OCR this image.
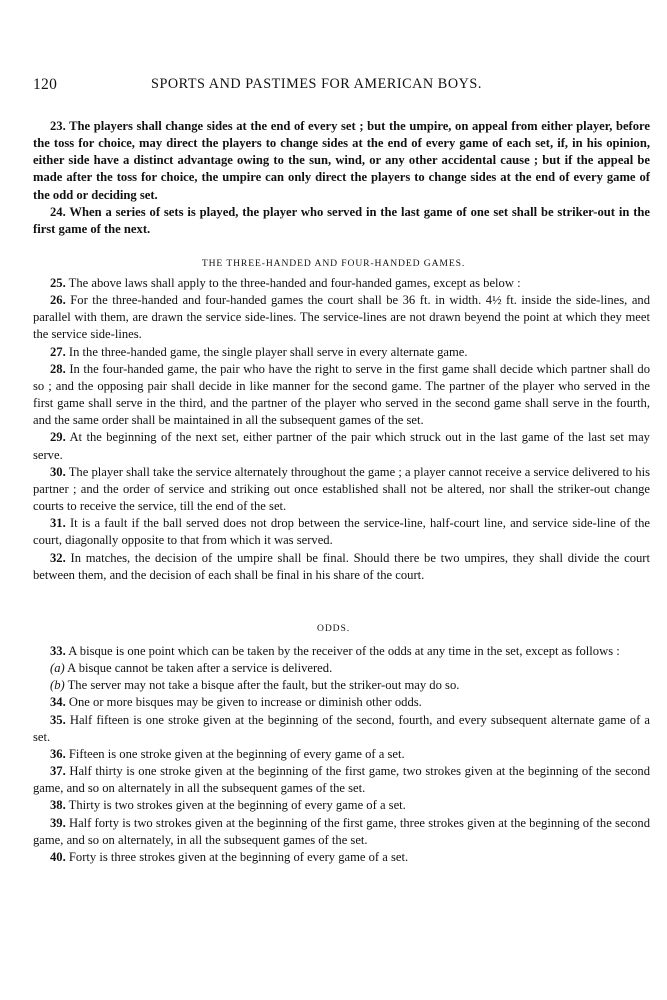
120	SPORTS AND PASTIMES FOR AMERICAN BOYS.

23. The players shall change sides at the end of every set ; but the umpire, on appeal from either player, before the toss for choice, may direct the players to change sides at the end of every game of each set, if, in his opinion, either side have a distinct advantage owing to the sun, wind, or any other accidental cause ; but if the appeal be made after the toss for choice, the umpire can only direct the players to change sides at the end of every game of the odd or deciding set.

24. When a series of sets is played, the player who served in the last game of one set shall be striker-out in the first game of the next.

THE THREE-HANDED AND FOUR-HANDED GAMES.

25. The above laws shall apply to the three-handed and four-handed games, except as below :

26. For the three-handed and four-handed games the court shall be 36 ft. in width. 4½ ft. inside the side-lines, and parallel with them, are drawn the service side-lines. The service-lines are not drawn beyend the point at which they meet the service side-lines.

27. In the three-handed game, the single player shall serve in every alternate game.

28. In the four-handed game, the pair who have the right to serve in the first game shall decide which partner shall do so ; and the opposing pair shall decide in like manner for the second game. The partner of the player who served in the first game shall serve in the third, and the partner of the player who served in the second game shall serve in the fourth, and the same order shall be maintained in all the subsequent games of the set.

29. At the beginning of the next set, either partner of the pair which struck out in the last game of the last set may serve.

30. The player shall take the service alternately throughout the game ; a player cannot receive a service delivered to his partner ; and the order of service and striking out once established shall not be altered, nor shall the striker-out change courts to receive the service, till the end of the set.

31. It is a fault if the ball served does not drop between the service-line, half-court line, and service side-line of the court, diagonally opposite to that from which it was served.

32. In matches, the decision of the umpire shall be final. Should there be two umpires, they shall divide the court between them, and the decision of each shall be final in his share of the court.

ODDS.

33. A bisque is one point which can be taken by the receiver of the odds at any time in the set, except as follows :

(a) A bisque cannot be taken after a service is delivered.

(b) The server may not take a bisque after the fault, but the striker-out may do so.

34. One or more bisques may be given to increase or diminish other odds.

35. Half fifteen is one stroke given at the beginning of the second, fourth, and every subsequent alternate game of a set.

36. Fifteen is one stroke given at the beginning of every game of a set.

37. Half thirty is one stroke given at the beginning of the first game, two strokes given at the beginning of the second game, and so on alternately in all the subsequent games of the set.

38. Thirty is two strokes given at the beginning of every game of a set.

39. Half forty is two strokes given at the beginning of the first game, three strokes given at the beginning of the second game, and so on alternately, in all the subsequent games of the set.

40. Forty is three strokes given at the beginning of every game of a set.
